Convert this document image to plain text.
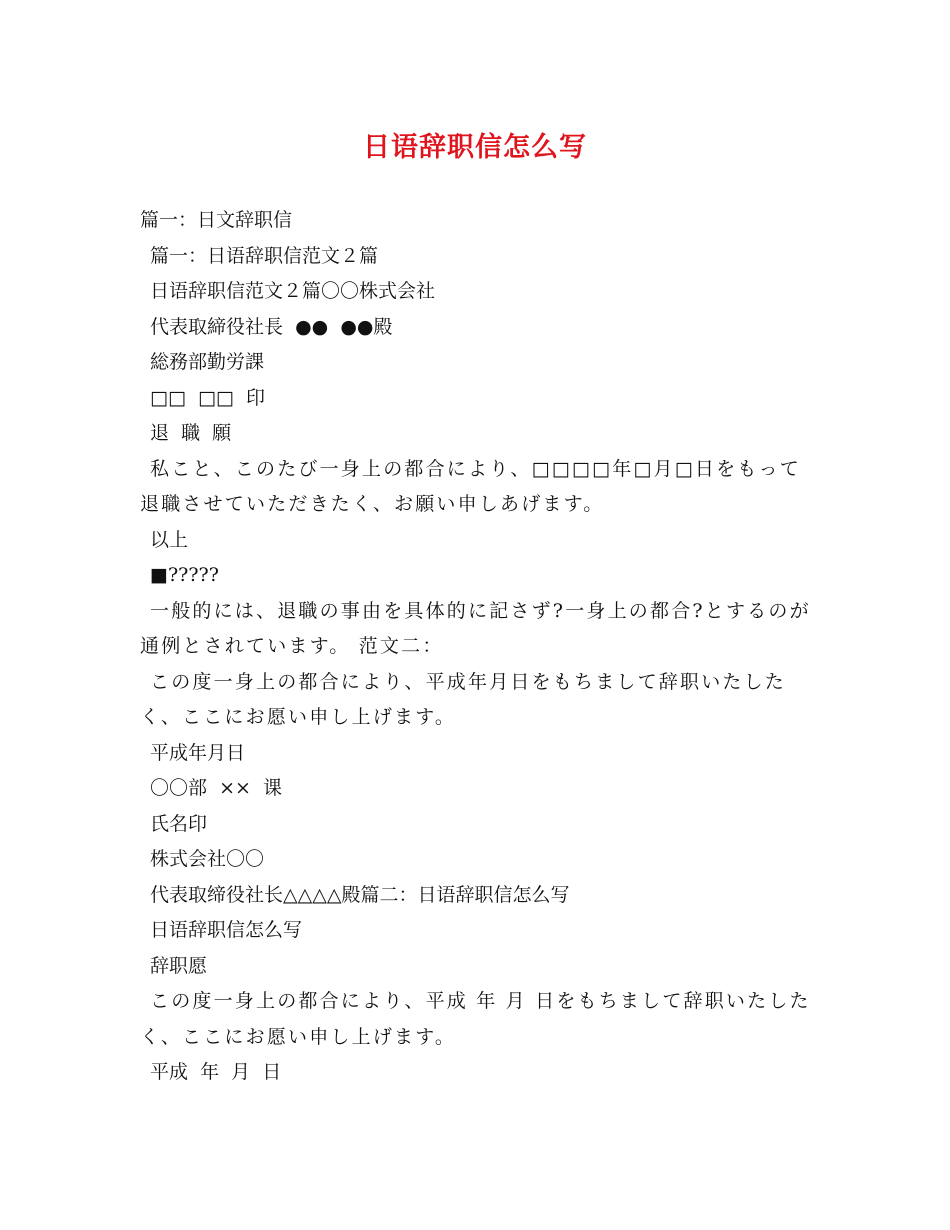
日语辞职信怎么写
篇一：日文辞职信
篇一：日语辞职信范文２篇
日语辞职信范文２篇〇〇株式会社
代表取締役社長  ●●  ●●殿
総務部勤労課
□□  □□  印
退  職  願
私こと、このたび一身上の都合により、□□□□年□月□日をもって退職させていただきたく、お願い申しあげます。
以上
■?????
一般的には、退職の事由を具体的に記さず?一身上の都合?とするのが通例とされています。 范文二：
この度一身上の都合により、平成年月日をもちまして辞职いたしたく、ここにお愿い申し上げます。
平成年月日
〇〇部  ××  课
氏名印
株式会社〇〇
代表取缔役社长△△△△殿篇二：日语辞职信怎么写
日语辞职信怎么写
辞职愿
この度一身上の都合により、平成 年 月 日をもちまして辞职いたしたく、ここにお愿い申し上げます。
平成  年  月  日
